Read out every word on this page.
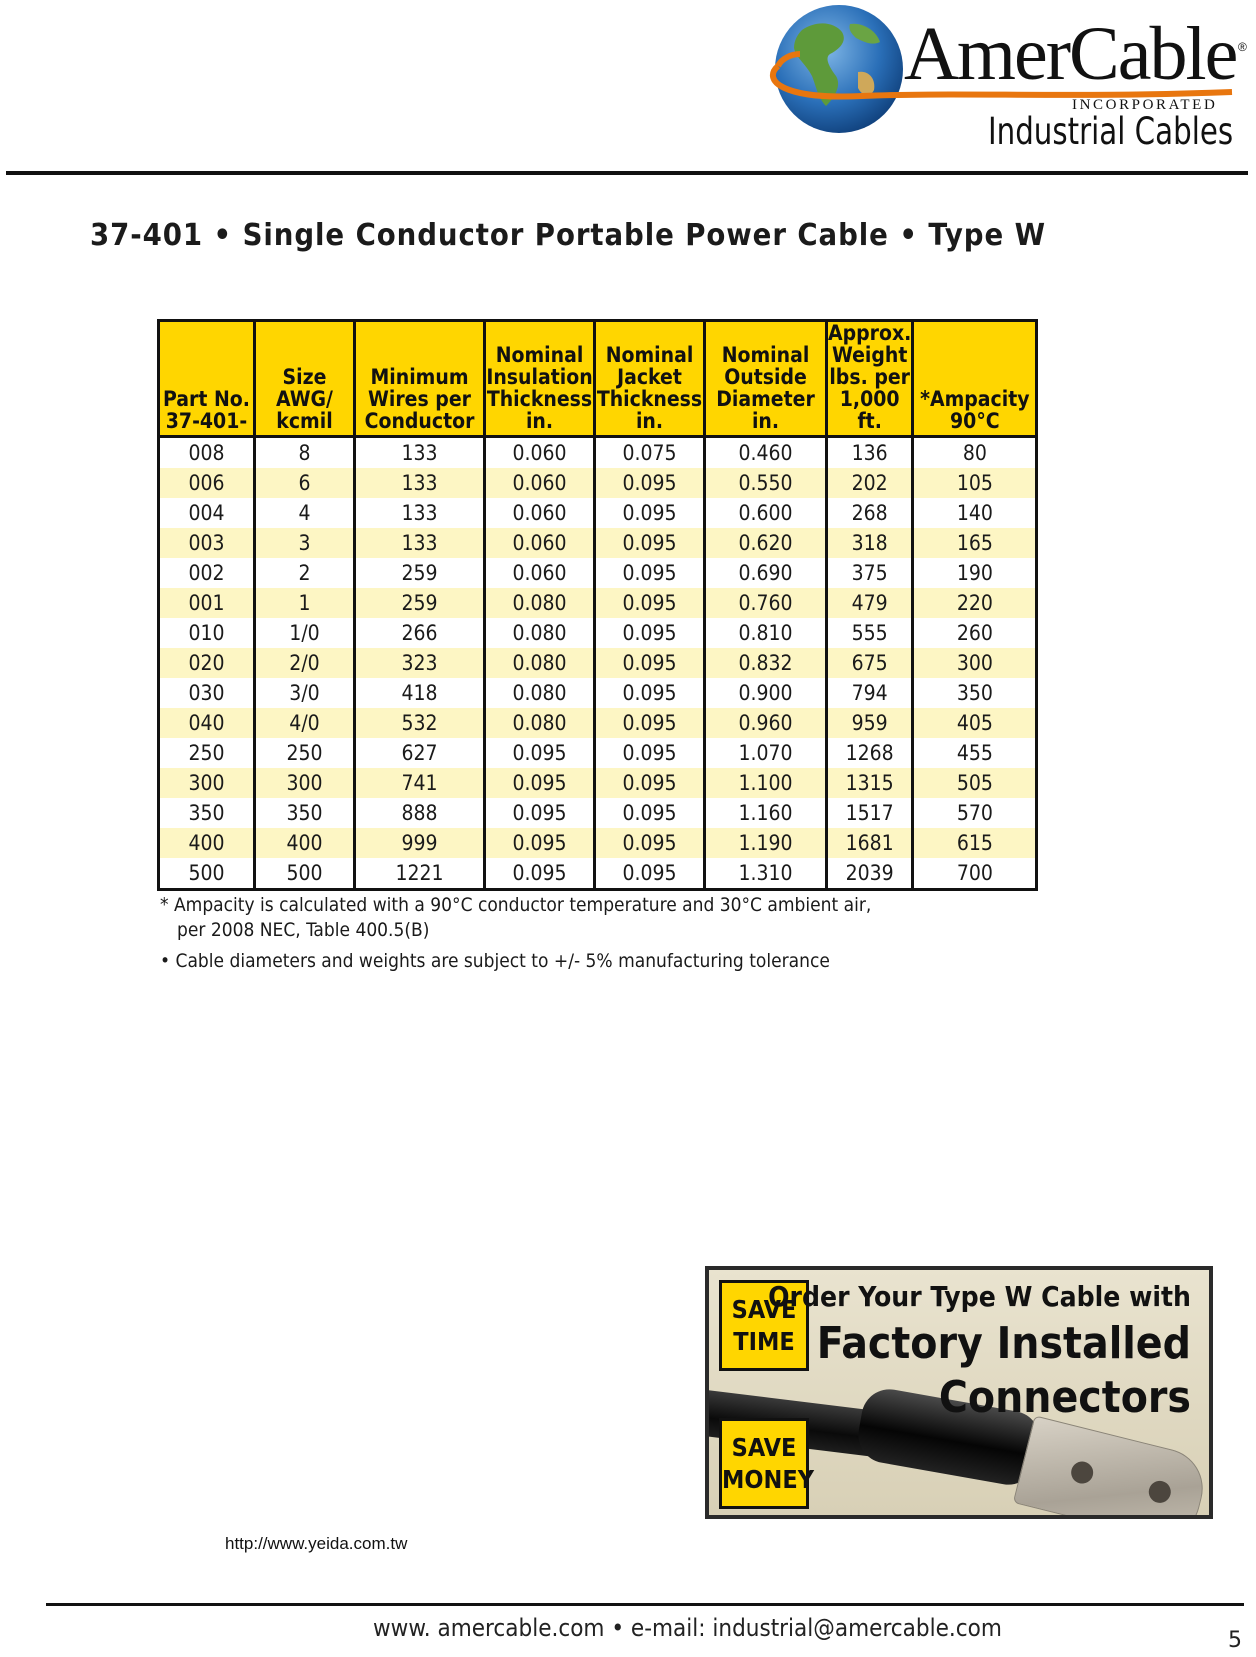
AmerCable ®
INCORPORATED
Industrial Cables
37-401 • Single Conductor Portable Power Cable • Type W
Part No.
37-401-	Size
AWG/
kcmil	Minimum
Wires per
Conductor	Nominal
Insulation
Thickness
in.	Nominal
Jacket
Thickness
in.	Nominal
Outside
Diameter
in.	Approx.
Weight
lbs. per
1,000 ft.	*Ampacity
90°C

008	8	133	0.060	0.075	0.460	136	80
006	6	133	0.060	0.095	0.550	202	105
004	4	133	0.060	0.095	0.600	268	140
003	3	133	0.060	0.095	0.620	318	165
002	2	259	0.060	0.095	0.690	375	190
001	1	259	0.080	0.095	0.760	479	220
010	1/0	266	0.080	0.095	0.810	555	260
020	2/0	323	0.080	0.095	0.832	675	300
030	3/0	418	0.080	0.095	0.900	794	350
040	4/0	532	0.080	0.095	0.960	959	405
250	250	627	0.095	0.095	1.070	1268	455
300	300	741	0.095	0.095	1.100	1315	505
350	350	888	0.095	0.095	1.160	1517	570
400	400	999	0.095	0.095	1.190	1681	615
500	500	1221	0.095	0.095	1.310	2039	700
* Ampacity is calculated with a 90°C conductor temperature and 30°C ambient air,
per 2008 NEC, Table 400.5(B)
• Cable diameters and weights are subject to +/- 5% manufacturing tolerance
SAVE
TIME
SAVE
MONEY
Order Your Type W Cable with
Factory Installed
Connectors
http://www.yeida.com.tw
www. amercable.com • e-mail: industrial@amercable.com	5
